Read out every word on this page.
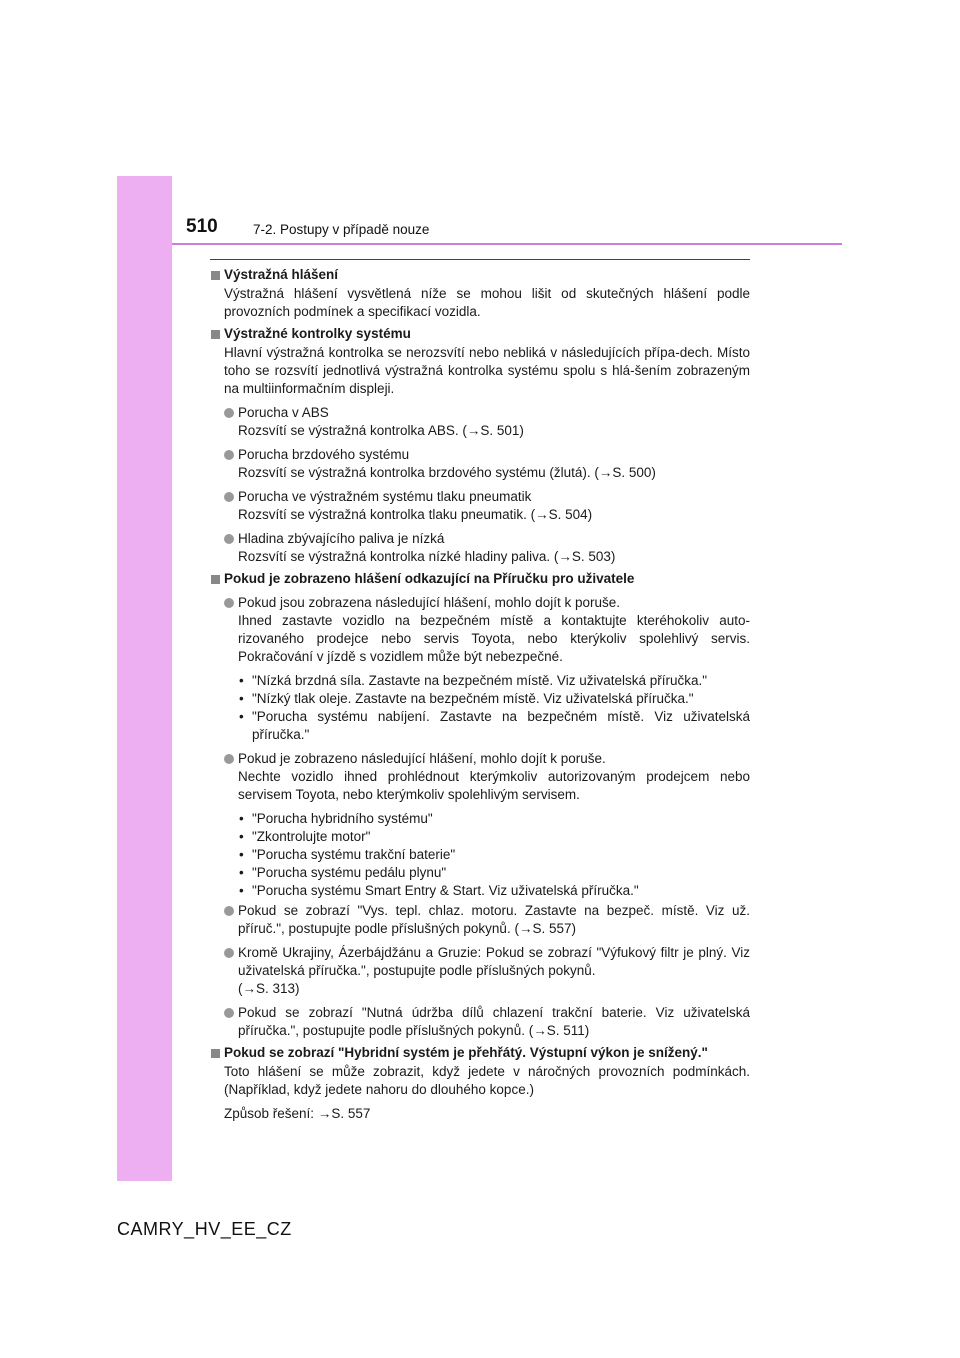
510	7-2. Postupy v případě nouze
Výstražná hlášení
Výstražná hlášení vysvětlená níže se mohou lišit od skutečných hlášení podle provozních podmínek a specifikací vozidla.
Výstražné kontrolky systému
Hlavní výstražná kontrolka se nerozsvítí nebo nebliká v následujících přípa-dech. Místo toho se rozsvítí jednotlivá výstražná kontrolka systému spolu s hlá-šením zobrazeným na multiinformačním displeji.
Porucha v ABS
Rozsvítí se výstražná kontrolka ABS. (→S. 501)
Porucha brzdového systému
Rozsvítí se výstražná kontrolka brzdového systému (žlutá). (→S. 500)
Porucha ve výstražném systému tlaku pneumatik
Rozsvítí se výstražná kontrolka tlaku pneumatik. (→S. 504)
Hladina zbývajícího paliva je nízká
Rozsvítí se výstražná kontrolka nízké hladiny paliva. (→S. 503)
Pokud je zobrazeno hlášení odkazující na Příručku pro uživatele
Pokud jsou zobrazena následující hlášení, mohlo dojít k poruše.
Ihned zastavte vozidlo na bezpečném místě a kontaktujte kteréhokoliv auto-rizovaného prodejce nebo servis Toyota, nebo kterýkoliv spolehlivý servis. Pokračování v jízdě s vozidlem může být nebezpečné.
• "Nízká brzdná síla. Zastavte na bezpečném místě. Viz uživatelská příručka."
• "Nízký tlak oleje. Zastavte na bezpečném místě. Viz uživatelská příručka."
• "Porucha systému nabíjení. Zastavte na bezpečném místě. Viz uživatelská příručka."
Pokud je zobrazeno následující hlášení, mohlo dojít k poruše.
Nechte vozidlo ihned prohlédnout kterýmkoliv autorizovaným prodejcem nebo servisem Toyota, nebo kterýmkoliv spolehlivým servisem.
• "Porucha hybridního systému"
• "Zkontrolujte motor"
• "Porucha systému trakční baterie"
• "Porucha systému pedálu plynu"
• "Porucha systému Smart Entry & Start. Viz uživatelská příručka."
Pokud se zobrazí "Vys. tepl. chlaz. motoru. Zastavte na bezpeč. místě. Viz už. příruč.", postupujte podle příslušných pokynů. (→S. 557)
Kromě Ukrajiny, Ázerbájdžánu a Gruzie: Pokud se zobrazí "Výfukový filtr je plný. Viz uživatelská příručka.", postupujte podle příslušných pokynů.
(→S. 313)
Pokud se zobrazí "Nutná údržba dílů chlazení trakční baterie. Viz uživatelská příručka.", postupujte podle příslušných pokynů. (→S. 511)
Pokud se zobrazí "Hybridní systém je přehřátý. Výstupní výkon je snížený."
Toto hlášení se může zobrazit, když jedete v náročných provozních podmínkách. (Například, když jedete nahoru do dlouhého kopce.)
Způsob řešení: →S. 557
CAMRY_HV_EE_CZ
